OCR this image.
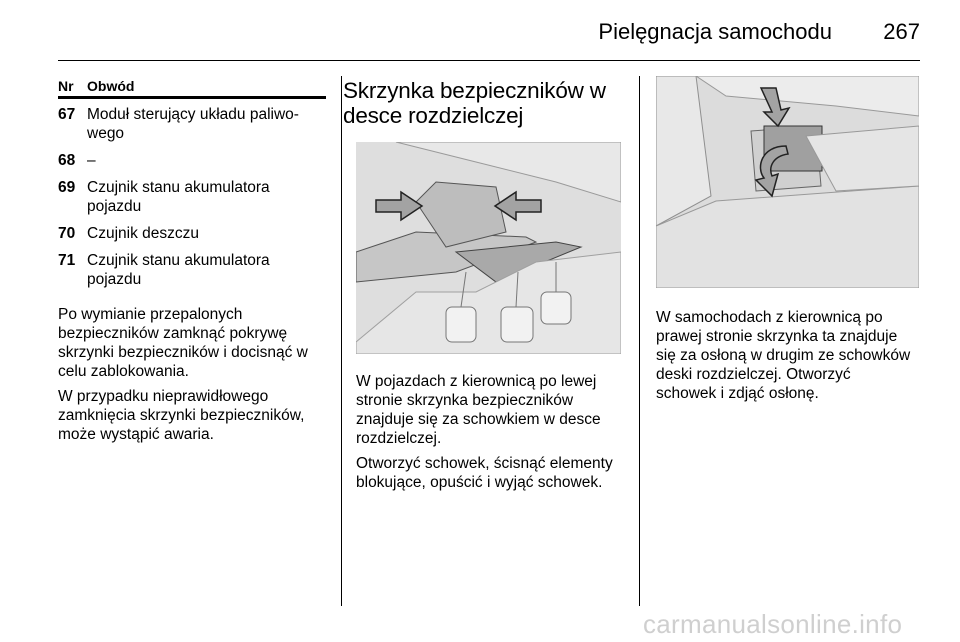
Pielęgnacja samochodu 267
Nr Obwód
67 Moduł sterujący układu paliwo-
wego
68 –
69 Czujnik stanu akumulatora
pojazdu
70 Czujnik deszczu
71 Czujnik stanu akumulatora
pojazdu
Po wymianie przepalonych
bezpieczników zamknąć pokrywę
skrzynki bezpieczników i docisnąć w
celu zablokowania.
W przypadku nieprawidłowego
zamknięcia skrzynki bezpieczników,
może wystąpić awaria.
Skrzynka bezpieczników w
desce rozdzielczej
W pojazdach z kierownicą po lewej
stronie skrzynka bezpieczników
znajduje się za schowkiem w desce
rozdzielczej.
Otworzyć schowek, ścisnąć elementy
blokujące, opuścić i wyjąć schowek.
W samochodach z kierownicą po
prawej stronie skrzynka ta znajduje
się za osłoną w drugim ze schowków
deski rozdzielczej. Otworzyć
schowek i zdjąć osłonę.
carmanualsonline.info
